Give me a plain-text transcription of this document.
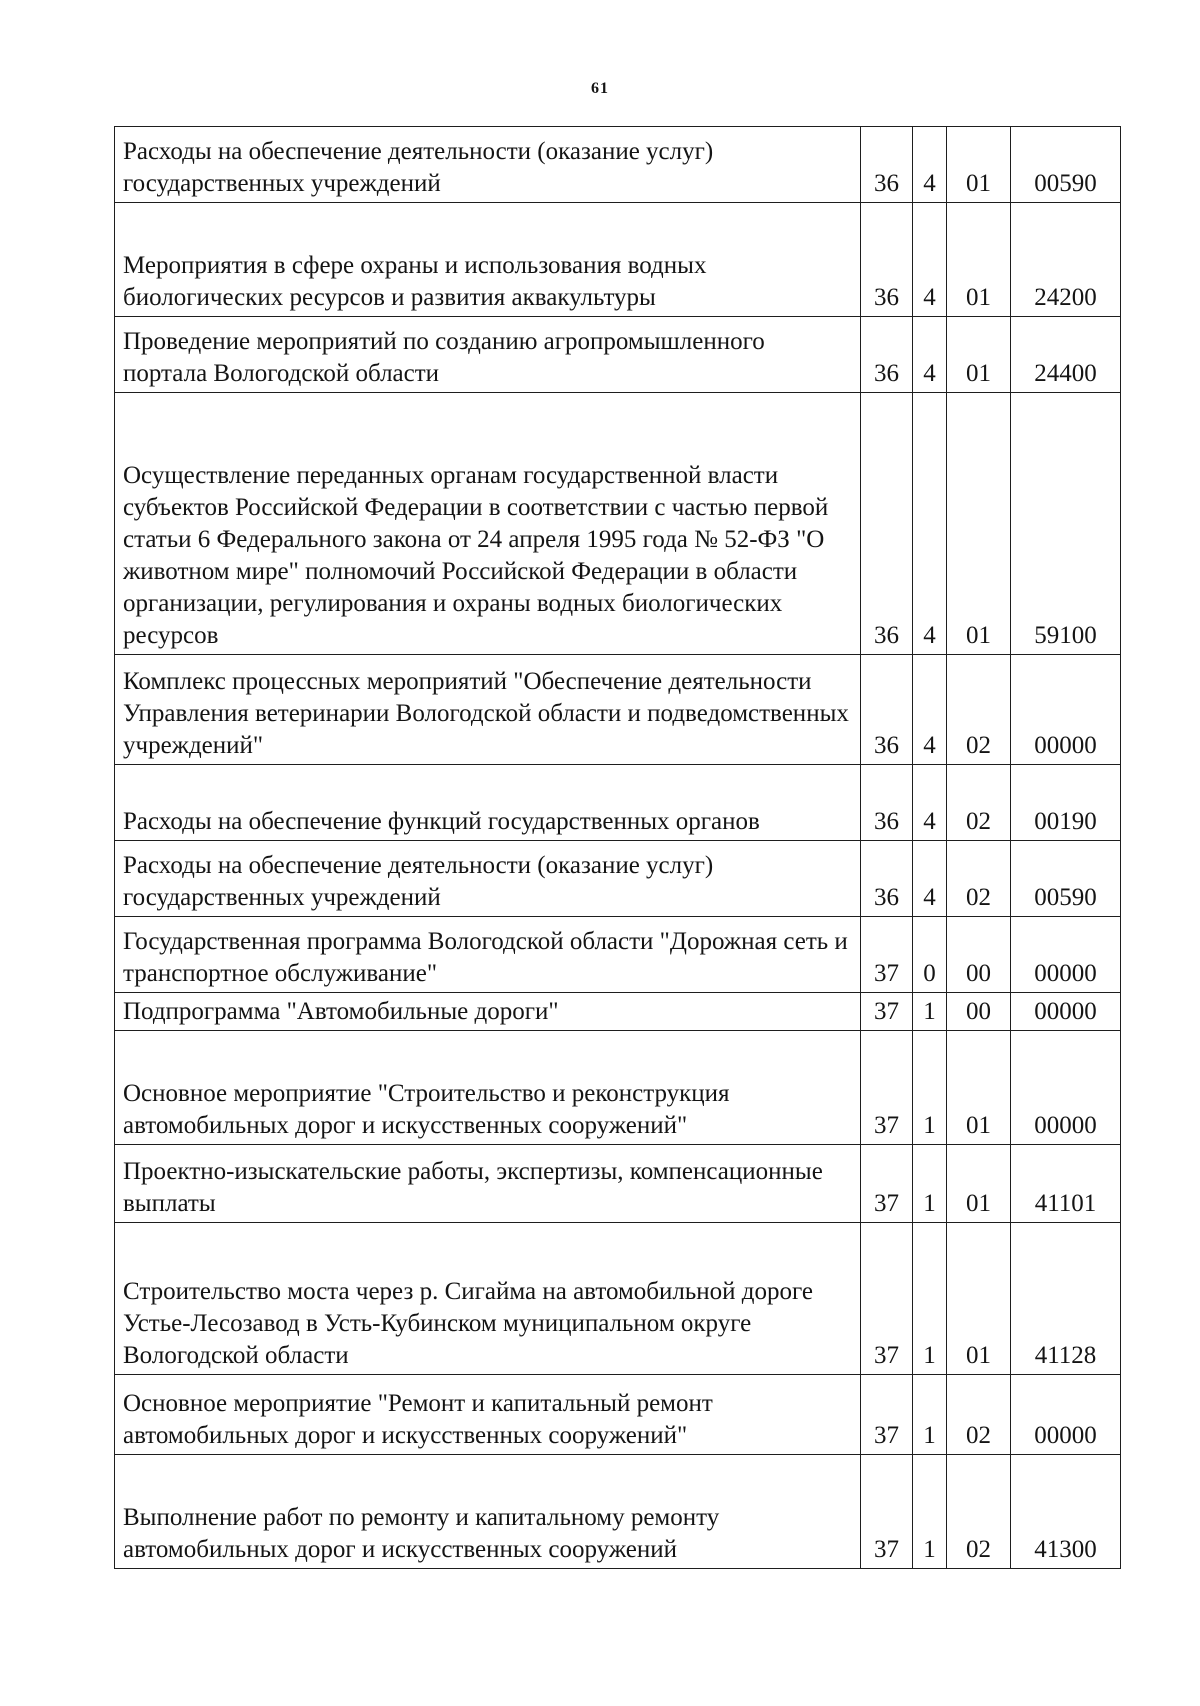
61
Расходы на обеспечение деятельности (оказание услуг) государственных учреждений	36	4	01	00590
Мероприятия в сфере охраны и использования водных биологических ресурсов и развития аквакультуры	36	4	01	24200
Проведение мероприятий по созданию агропромышленного портала Вологодской области	36	4	01	24400
Осуществление переданных органам государственной власти субъектов Российской Федерации в соответствии с частью первой статьи 6 Федерального закона от 24 апреля 1995 года № 52-ФЗ "О животном мире" полномочий Российской Федерации в области организации, регулирования и охраны водных биологических ресурсов	36	4	01	59100
Комплекс процессных мероприятий "Обеспечение деятельности Управления ветеринарии Вологодской области и подведомственных учреждений"	36	4	02	00000
Расходы на обеспечение функций государственных органов	36	4	02	00190
Расходы на обеспечение деятельности (оказание услуг) государственных учреждений	36	4	02	00590
Государственная программа Вологодской области "Дорожная сеть и транспортное обслуживание"	37	0	00	00000
Подпрограмма "Автомобильные дороги"	37	1	00	00000
Основное мероприятие "Строительство и реконструкция автомобильных дорог и искусственных сооружений"	37	1	01	00000
Проектно-изыскательские работы, экспертизы, компенсационные выплаты	37	1	01	41101
Строительство моста через р. Сигайма на автомобильной дороге Устье-Лесозавод в Усть-Кубинском муниципальном округе Вологодской области	37	1	01	41128
Основное мероприятие "Ремонт и капитальный ремонт автомобильных дорог и искусственных сооружений"	37	1	02	00000
Выполнение работ по ремонту и капитальному ремонту автомобильных дорог и искусственных сооружений	37	1	02	41300
